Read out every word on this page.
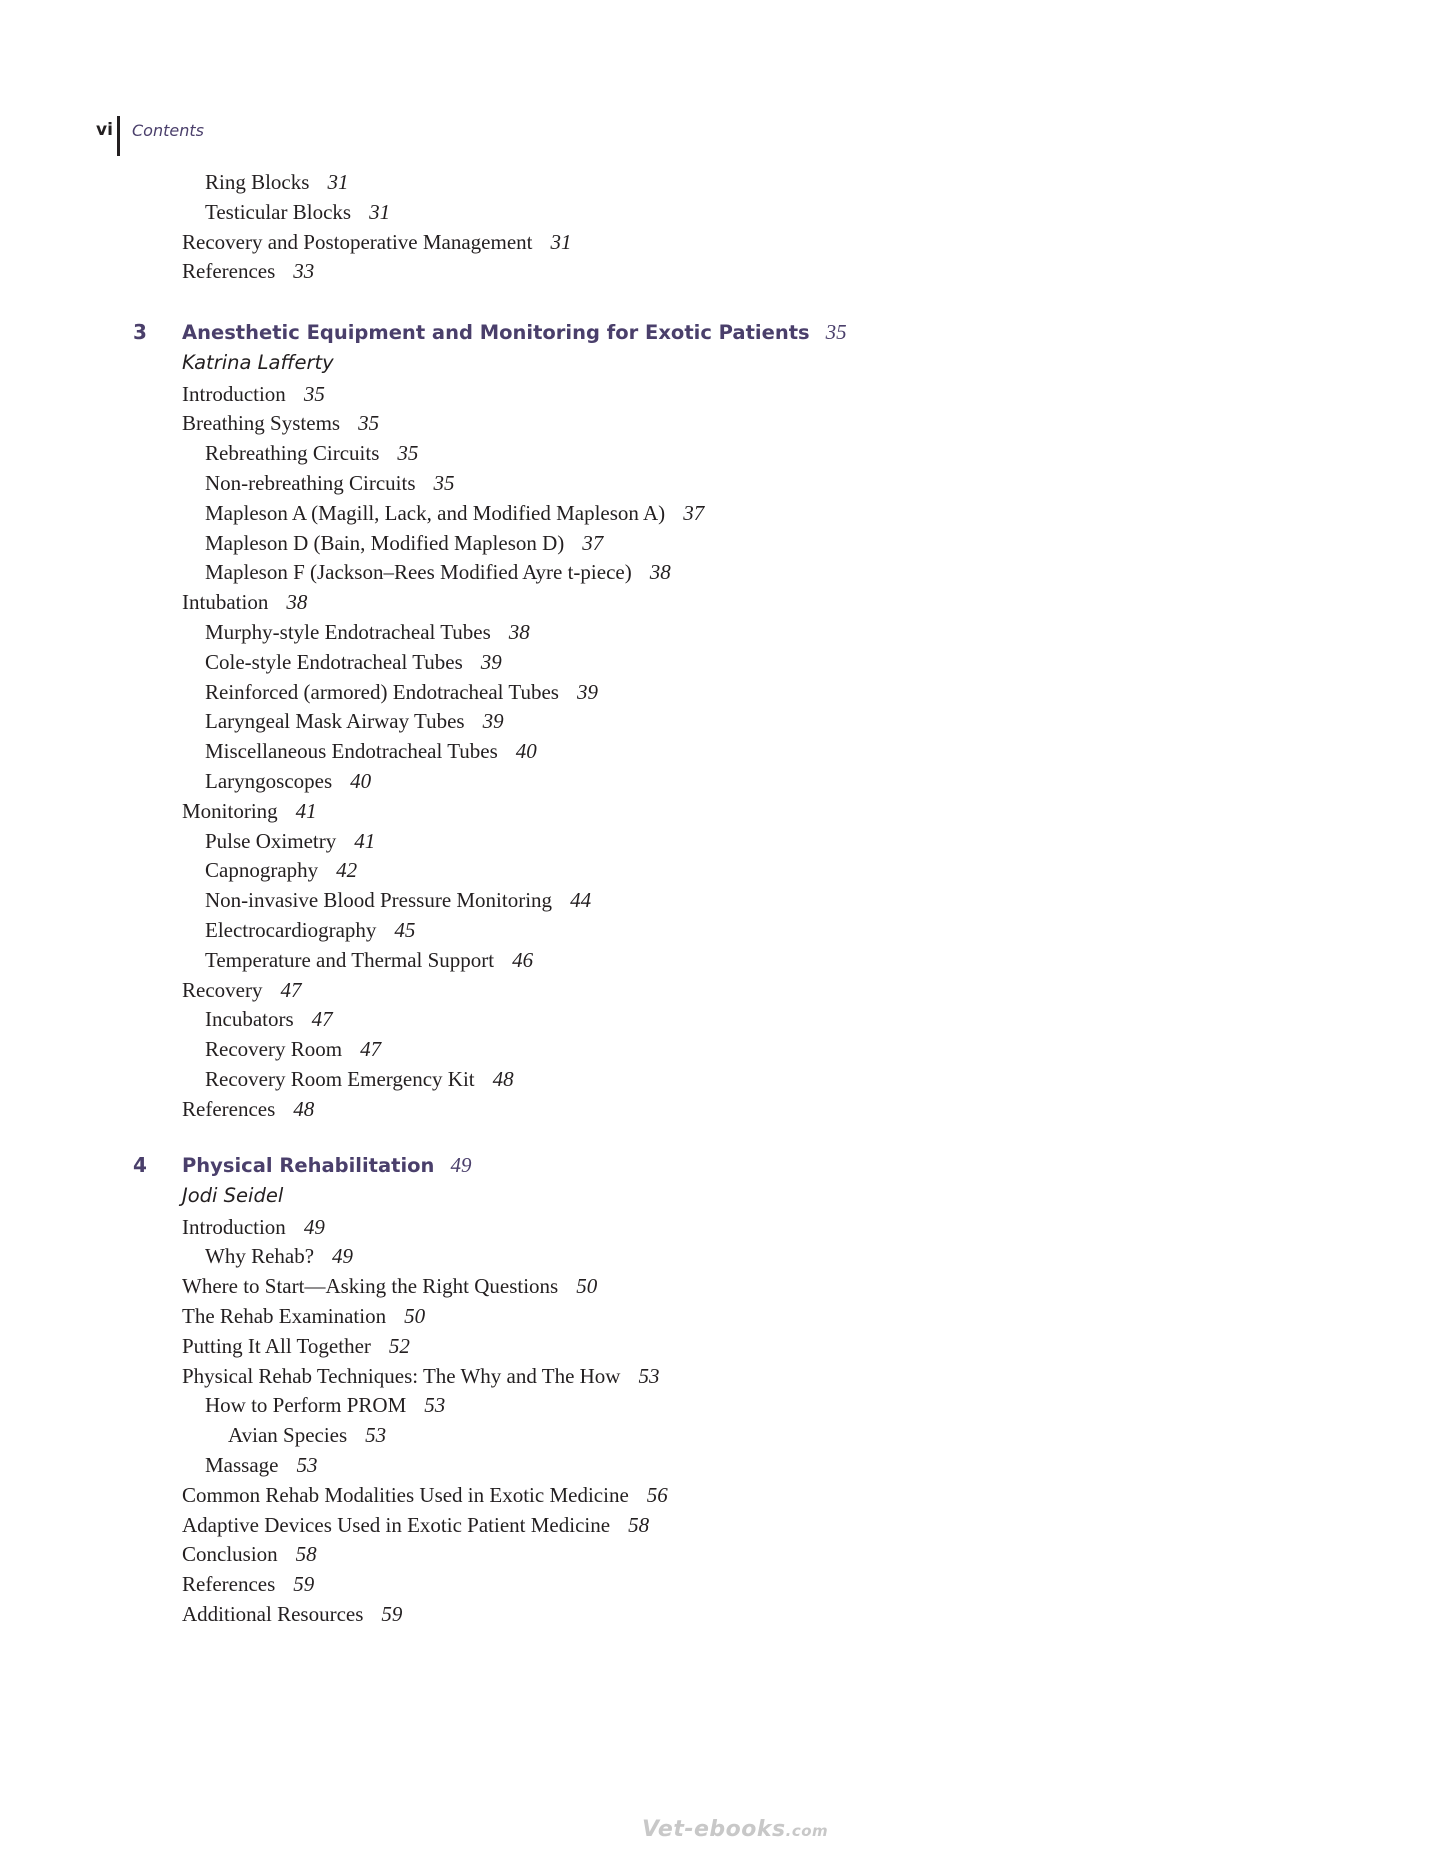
vi Contents
Ring Blocks 31
Testicular Blocks 31
Recovery and Postoperative Management 31
References 33
3 Anesthetic Equipment and Monitoring for Exotic Patients 35
Katrina Lafferty
Introduction 35
Breathing Systems 35
Rebreathing Circuits 35
Non-rebreathing Circuits 35
Mapleson A (Magill, Lack, and Modified Mapleson A) 37
Mapleson D (Bain, Modified Mapleson D) 37
Mapleson F (Jackson–Rees Modified Ayre t-piece) 38
Intubation 38
Murphy-style Endotracheal Tubes 38
Cole-style Endotracheal Tubes 39
Reinforced (armored) Endotracheal Tubes 39
Laryngeal Mask Airway Tubes 39
Miscellaneous Endotracheal Tubes 40
Laryngoscopes 40
Monitoring 41
Pulse Oximetry 41
Capnography 42
Non-invasive Blood Pressure Monitoring 44
Electrocardiography 45
Temperature and Thermal Support 46
Recovery 47
Incubators 47
Recovery Room 47
Recovery Room Emergency Kit 48
References 48
4 Physical Rehabilitation 49
Jodi Seidel
Introduction 49
Why Rehab? 49
Where to Start—Asking the Right Questions 50
The Rehab Examination 50
Putting It All Together 52
Physical Rehab Techniques: The Why and The How 53
How to Perform PROM 53
Avian Species 53
Massage 53
Common Rehab Modalities Used in Exotic Medicine 56
Adaptive Devices Used in Exotic Patient Medicine 58
Conclusion 58
References 59
Additional Resources 59
Vet-ebooks.com
